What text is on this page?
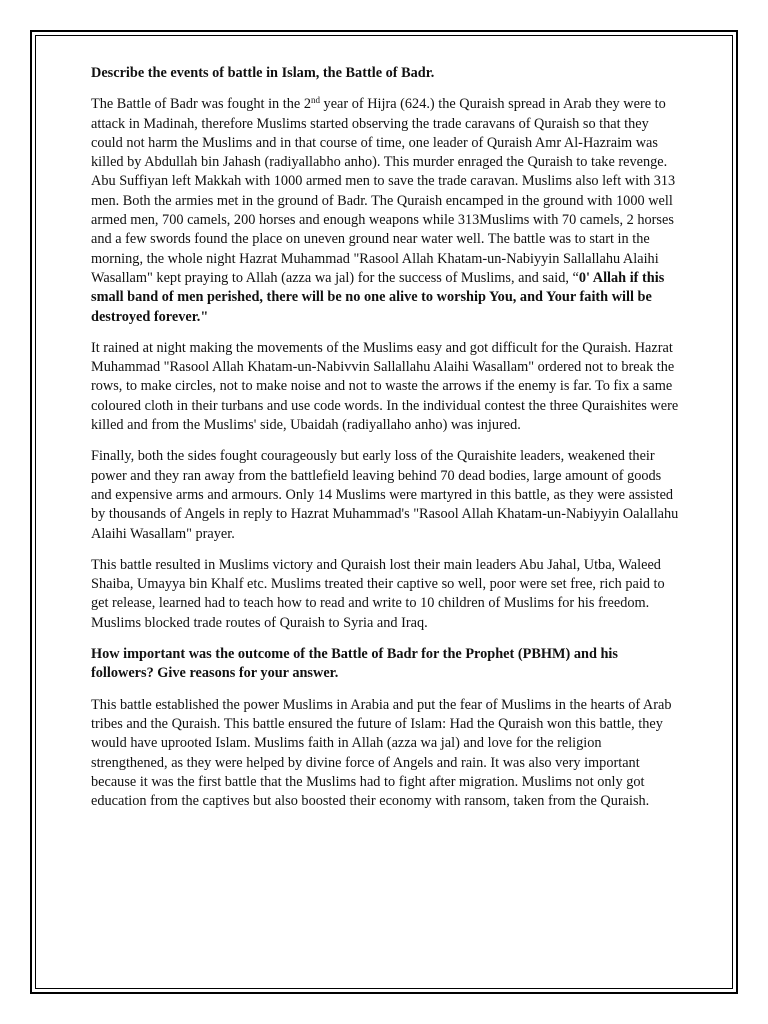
Describe the events of battle in Islam, the Battle of Badr.

The Battle of Badr was fought in the 2nd year of Hijra (624.) the Quraish spread in Arab they were to attack in Madinah, therefore Muslims started observing the trade caravans of Quraish so that they could not harm the Muslims and in that course of time, one leader of Quraish Amr Al-Hazraim was killed by Abdullah bin Jahash (radiyallabho anho). This murder enraged the Quraish to take revenge. Abu Suffiyan left Makkah with 1000 armed men to save the trade caravan. Muslims also left with 313 men. Both the armies met in the ground of Badr. The Quraish encamped in the ground with 1000 well armed men, 700 camels, 200 horses and enough weapons while 313Muslims with 70 camels, 2 horses and a few swords found the place on uneven ground near water well. The battle was to start in the morning, the whole night Hazrat Muhammad "Rasool Allah Khatam-un-Nabiyyin Sallallahu Alaihi Wasallam" kept praying to Allah (azza wa jal) for the success of Muslims, and said, “0' Allah if this small band of men perished, there will be no one alive to worship You, and Your faith will be destroyed forever."

It rained at night making the movements of the Muslims easy and got difficult for the Quraish. Hazrat Muhammad "Rasool Allah Khatam-un-Nabivvin Sallallahu Alaihi Wasallam" ordered not to break the rows, to make circles, not to make noise and not to waste the arrows if the enemy is far. To fix a same coloured cloth in their turbans and use code words. In the individual contest the three Quraishites were killed and from the Muslims' side, Ubaidah (radiyallaho anho) was injured.

Finally, both the sides fought courageously but early loss of the Quraishite leaders, weakened their power and they ran away from the battlefield leaving behind 70 dead bodies, large amount of goods and expensive arms and armours. Only 14 Muslims were martyred in this battle, as they were assisted by thousands of Angels in reply to Hazrat Muhammad's "Rasool Allah Khatam-un-Nabiyyin Oalallahu Alaihi Wasallam" prayer.

This battle resulted in Muslims victory and Quraish lost their main leaders Abu Jahal, Utba, Waleed Shaiba, Umayya bin Khalf etc. Muslims treated their captive so well, poor were set free, rich paid to get release, learned had to teach how to read and write to 10 children of Muslims for his freedom. Muslims blocked trade routes of Quraish to Syria and Iraq.

How important was the outcome of the Battle of Badr for the Prophet (PBHM) and his followers? Give reasons for your answer.

This battle established the power Muslims in Arabia and put the fear of Muslims in the hearts of Arab tribes and the Quraish. This battle ensured the future of Islam: Had the Quraish won this battle, they would have uprooted Islam. Muslims faith in Allah (azza wa jal) and love for the religion strengthened, as they were helped by divine force of Angels and rain. It was also very important because it was the first battle that the Muslims had to fight after migration. Muslims not only got education from the captives but also boosted their economy with ransom, taken from the Quraish.
